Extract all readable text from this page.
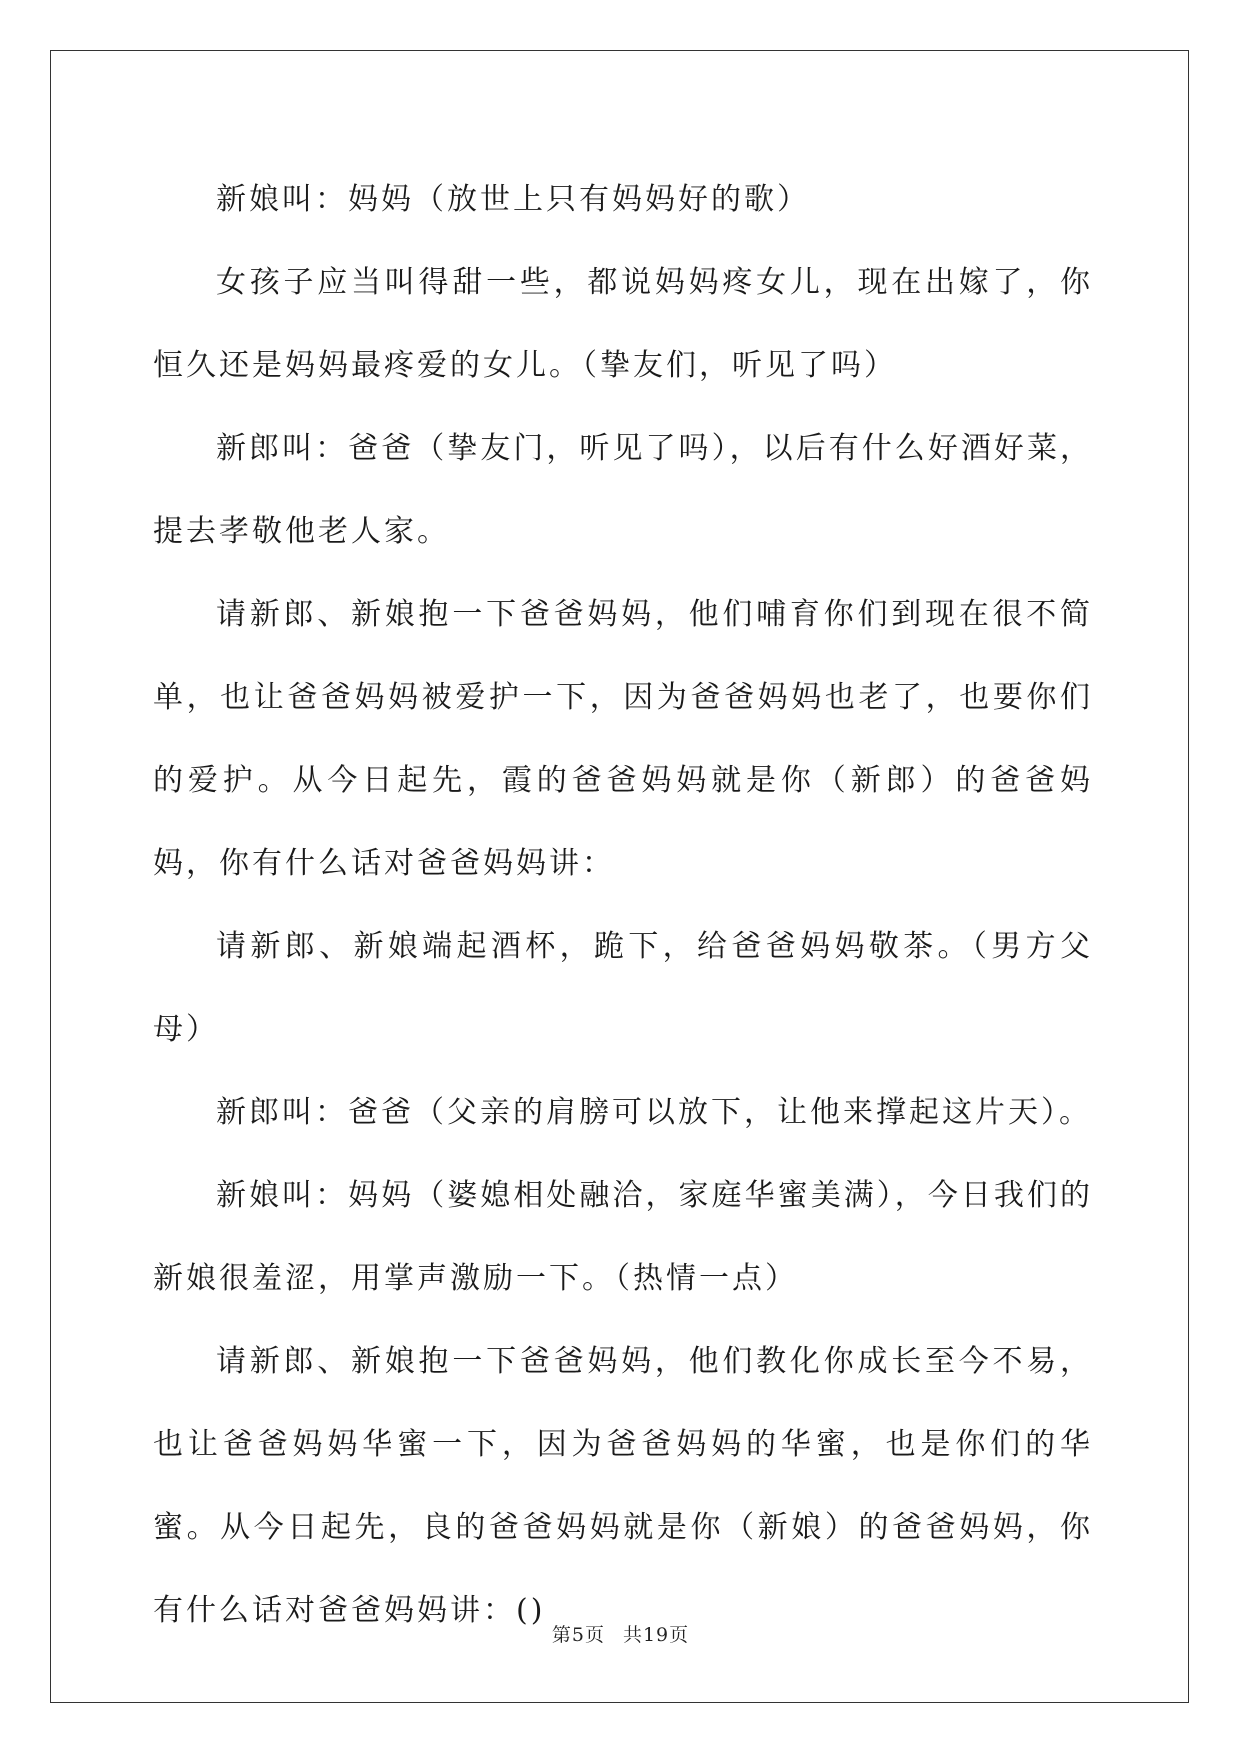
新娘叫：妈妈（放世上只有妈妈好的歌）

女孩子应当叫得甜一些，都说妈妈疼女儿，现在出嫁了，你恒久还是妈妈最疼爱的女儿。（挚友们，听见了吗）

新郎叫：爸爸（挚友门，听见了吗），以后有什么好酒好菜，提去孝敬他老人家。

请新郎、新娘抱一下爸爸妈妈，他们哺育你们到现在很不简单，也让爸爸妈妈被爱护一下，因为爸爸妈妈也老了，也要你们的爱护。从今日起先，霞的爸爸妈妈就是你（新郎）的爸爸妈妈，你有什么话对爸爸妈妈讲：

请新郎、新娘端起酒杯，跪下，给爸爸妈妈敬茶。（男方父母）

新郎叫：爸爸（父亲的肩膀可以放下，让他来撑起这片天）。

新娘叫：妈妈（婆媳相处融洽，家庭华蜜美满），今日我们的新娘很羞涩，用掌声激励一下。（热情一点）

请新郎、新娘抱一下爸爸妈妈，他们教化你成长至今不易，也让爸爸妈妈华蜜一下，因为爸爸妈妈的华蜜，也是你们的华蜜。从今日起先，良的爸爸妈妈就是你（新娘）的爸爸妈妈，你有什么话对爸爸妈妈讲：()

第5页 共19页
